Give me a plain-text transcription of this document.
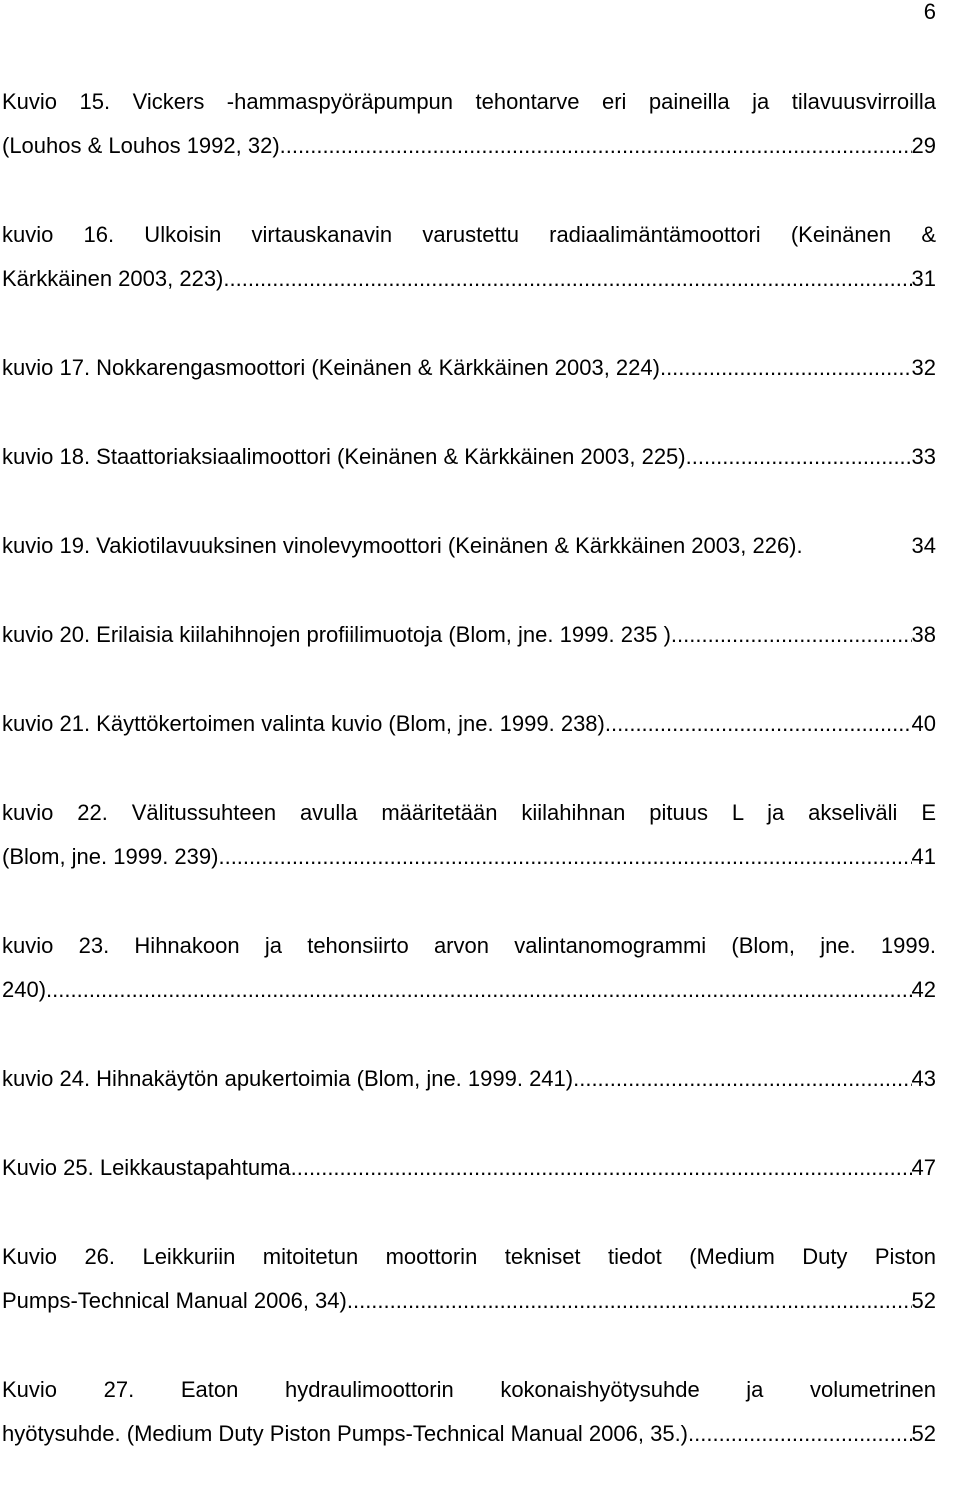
6
Kuvio 15. Vickers -hammaspyöräpumpun tehontarve eri paineilla ja tilavuusvirroilla
(Louhos & Louhos 1992, 32). .....	29
kuvio 16. Ulkoisin virtauskanavin varustettu radiaalimäntämoottori (Keinänen &
Kärkkäinen 2003, 223). .....	31
kuvio 17. Nokkarengasmoottori (Keinänen & Kärkkäinen 2003, 224). .....	32
kuvio 18. Staattoriaksiaalimoottori (Keinänen & Kärkkäinen 2003, 225). .....	33
kuvio 19. Vakiotilavuuksinen vinolevymoottori (Keinänen & Kärkkäinen 2003, 226).	34
kuvio 20. Erilaisia kiilahihnojen profiilimuotoja (Blom, jne. 1999. 235 ). .....	38
kuvio 21. Käyttökertoimen valinta kuvio (Blom, jne. 1999. 238). .....	40
kuvio 22. Välitussuhteen avulla määritetään kiilahihnan pituus L ja akseliväli E
(Blom, jne. 1999. 239). .....	41
kuvio 23. Hihnakoon ja tehonsiirto arvon valintanomogrammi (Blom, jne. 1999.
240). .....	42
kuvio 24. Hihnakäytön apukertoimia (Blom, jne. 1999. 241). .....	43
Kuvio 25. Leikkaustapahtuma .....	47
Kuvio 26. Leikkuriin mitoitetun moottorin tekniset tiedot (Medium Duty Piston
Pumps-Technical Manual 2006, 34). .....	52
Kuvio 27. Eaton hydraulimoottorin kokonaishyötysuhde ja volumetrinen
hyötysuhde. (Medium Duty Piston Pumps-Technical Manual 2006, 35.) .....	52
